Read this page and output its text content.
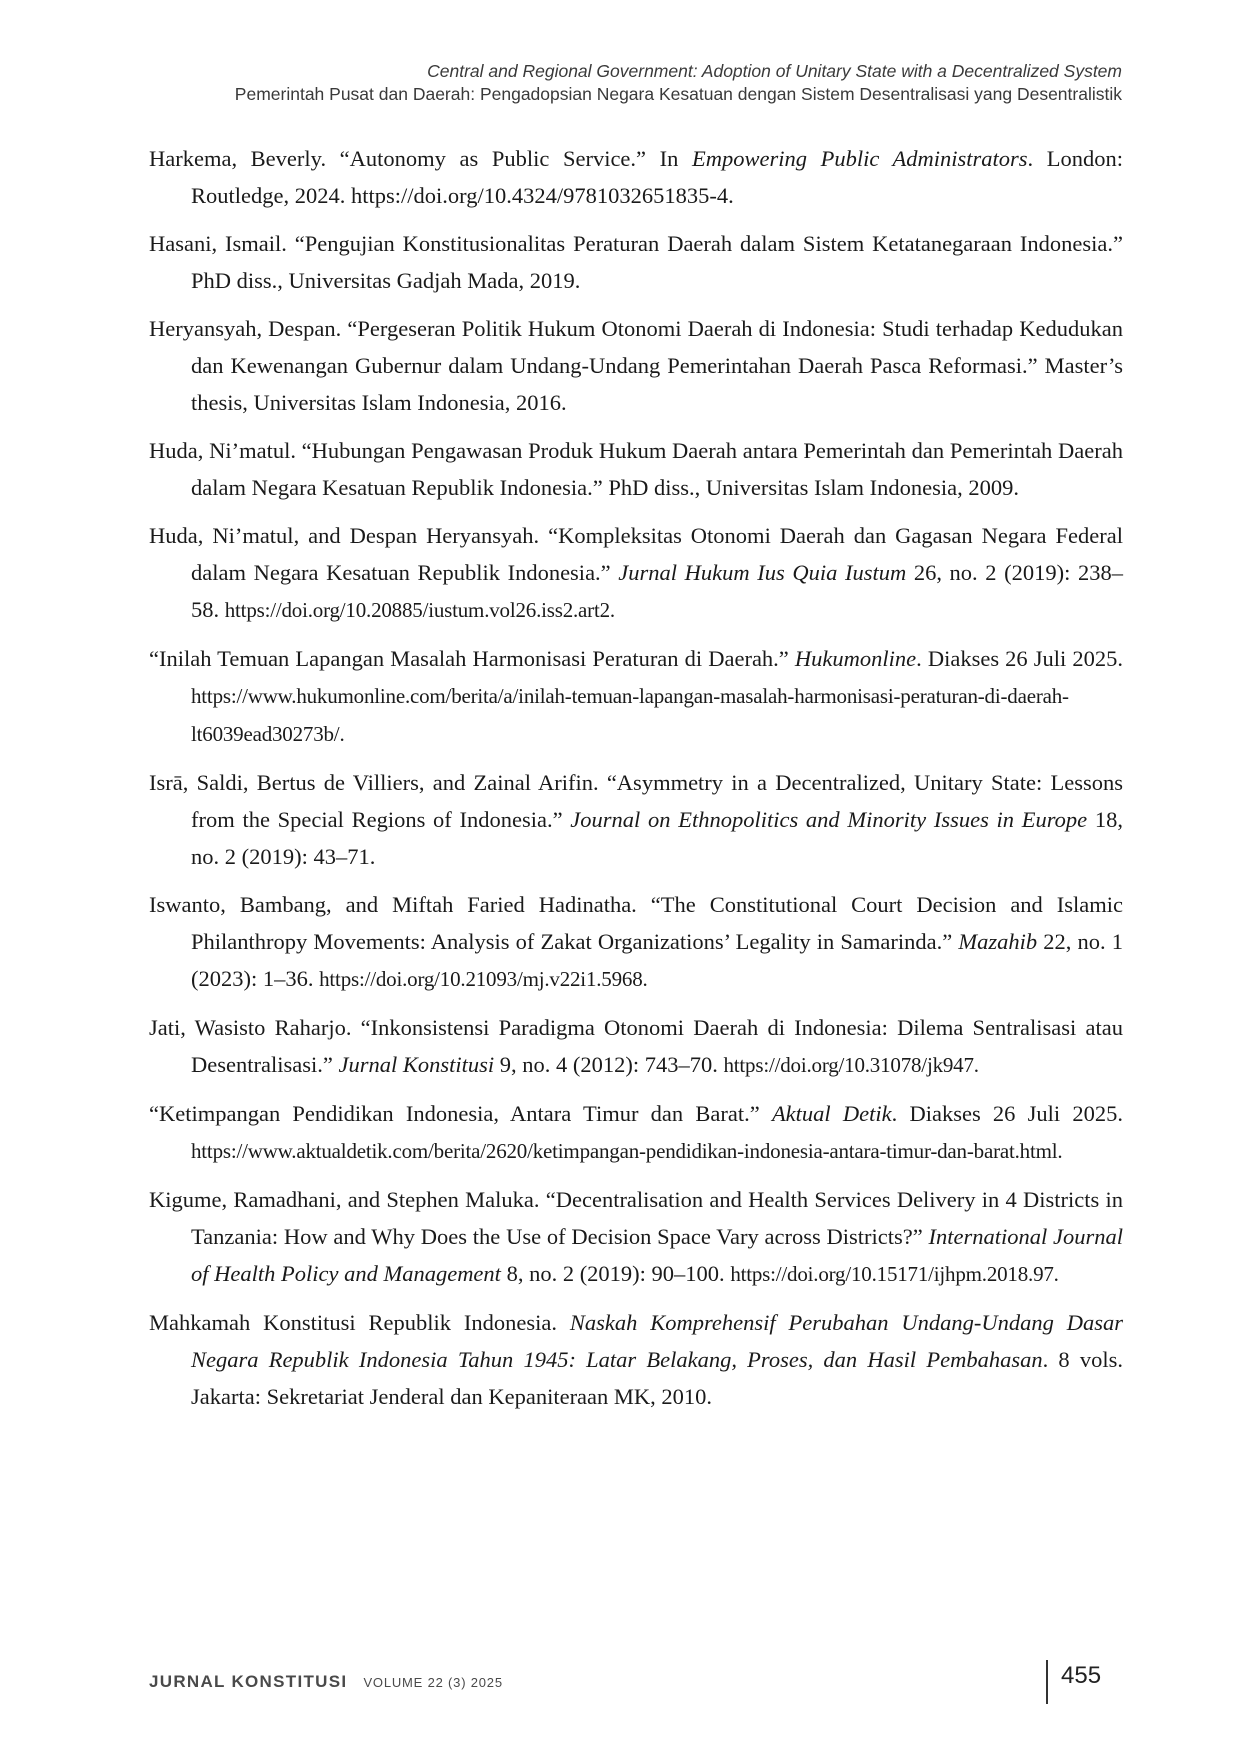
Central and Regional Government: Adoption of Unitary State with a Decentralized System
Pemerintah Pusat dan Daerah: Pengadopsian Negara Kesatuan dengan Sistem Desentralisasi yang Desentralistik

Harkema, Beverly. “Autonomy as Public Service.” In Empowering Public Administrators. London: Routledge, 2024. https://doi.org/10.4324/9781032651835-4.

Hasani, Ismail. “Pengujian Konstitusionalitas Peraturan Daerah dalam Sistem Ketatanegaraan Indonesia.” PhD diss., Universitas Gadjah Mada, 2019.

Heryansyah, Despan. “Pergeseran Politik Hukum Otonomi Daerah di Indonesia: Studi terhadap Kedudukan dan Kewenangan Gubernur dalam Undang-Undang Pemerintahan Daerah Pasca Reformasi.” Master’s thesis, Universitas Islam Indonesia, 2016.

Huda, Ni’matul. “Hubungan Pengawasan Produk Hukum Daerah antara Pemerintah dan Pemerintah Daerah dalam Negara Kesatuan Republik Indonesia.” PhD diss., Universitas Islam Indonesia, 2009.

Huda, Ni’matul, and Despan Heryansyah. “Kompleksitas Otonomi Daerah dan Gagasan Negara Federal dalam Negara Kesatuan Republik Indonesia.” Jurnal Hukum Ius Quia Iustum 26, no. 2 (2019): 238–58. https://doi.org/10.20885/iustum.vol26.iss2.art2.

“Inilah Temuan Lapangan Masalah Harmonisasi Peraturan di Daerah.” Hukumonline. Diakses 26 Juli 2025. https://www.hukumonline.com/berita/a/inilah-temuan-lapangan-masalah-harmonisasi-peraturan-di-daerah-lt6039ead30273b/.

Isrā, Saldi, Bertus de Villiers, and Zainal Arifin. “Asymmetry in a Decentralized, Unitary State: Lessons from the Special Regions of Indonesia.” Journal on Ethnopolitics and Minority Issues in Europe 18, no. 2 (2019): 43–71.

Iswanto, Bambang, and Miftah Faried Hadinatha. “The Constitutional Court Decision and Islamic Philanthropy Movements: Analysis of Zakat Organizations’ Legality in Samarinda.” Mazahib 22, no. 1 (2023): 1–36. https://doi.org/10.21093/mj.v22i1.5968.

Jati, Wasisto Raharjo. “Inkonsistensi Paradigma Otonomi Daerah di Indonesia: Dilema Sentralisasi atau Desentralisasi.” Jurnal Konstitusi 9, no. 4 (2012): 743–70. https://doi.org/10.31078/jk947.

“Ketimpangan Pendidikan Indonesia, Antara Timur dan Barat.” Aktual Detik. Diakses 26 Juli 2025. https://www.aktualdetik.com/berita/2620/ketimpangan-pendidikan-indonesia-antara-timur-dan-barat.html.

Kigume, Ramadhani, and Stephen Maluka. “Decentralisation and Health Services Delivery in 4 Districts in Tanzania: How and Why Does the Use of Decision Space Vary across Districts?” International Journal of Health Policy and Management 8, no. 2 (2019): 90–100. https://doi.org/10.15171/ijhpm.2018.97.

Mahkamah Konstitusi Republik Indonesia. Naskah Komprehensif Perubahan Undang-Undang Dasar Negara Republik Indonesia Tahun 1945: Latar Belakang, Proses, dan Hasil Pembahasan. 8 vols. Jakarta: Sekretariat Jenderal dan Kepaniteraan MK, 2010.

JURNAL KONSTITUSI VOLUME 22 (3) 2025	455
